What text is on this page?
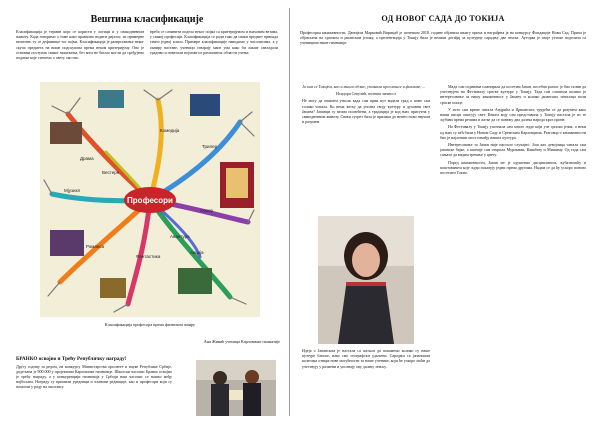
Вештина класификације

Класификација је термин који се користи у логици и у свакодневном животу. Када говоримо о томе како правилно водити дијалог, из примерне вештине, ту се дефинише тог појма. Класификација је разврставање неког скупа предмета на више подскупова према неком критеријуму. Ово је основни поступак сваког мишљења, без кога не бисмо могли да сређујемо податке које стичемо о свету око нас.

вреба се сачинити подела неког појма са критеријумом и њиховим везама, у свакој професији. Класификација се ради тако да сваки предмет припада тачно једној класи. Примере класификације наводимо у часописима, а у оквиру наставе, ученици стварају мапе ума како би лакше савладали градиво и повезали појмове из различитих области учења.

Професори
Драма
Комедија
Трилер
Хорор
Акција
Фантастика
Романса
Мјузикл
Вестерн
Авантура
Класификација професора према филмском жанру
Ана Живић ученица Карловачке гимназије
БРАНКО освојио и Трећу Републичку награду!

Другу годину за редом, на конкурсу Министарства просвете и науке Републике Србије, додељена је 900.000 у пројектима Карловачке гимназије. Школски часопис Бранко освојио је трећу награду, а у конкуренцији гимназија у Србији наш часопис се нашао међу најбољим. Награду су примили уредници и чланови редакције, као и професори који су помогли у раду на часопису.

ОД НОВОГ САДА ДО ТОКИЈА

Професорка књижевности, Данијела Марковић Вирицаб је почетком 2018. године објавила књигу прича и награђена је на конкурсу Фондације Нови Сад. Прича је објављена на српском и јапанском језику, а презентација у Токију била је велики догађај за културну сарадњу две земље. Ауторка је своје утиске поделила са ученицима наше гимназије.

Ја сам се Токијем, као и многи од вас, упознала кроз књиге и филмове, ...

Исидора Секулић, позната личност

Не могу да опишем утисак када сам први пут видела град о коме сам толико читала. Ко нема жељу да упозна своју културу и духовни свет Јапана? Јапанци су веома посвећени, а традиција је код њих присутна у свакодневном животу. Сваки сусрет била је прилика да нешто ново научим и разумем.

Идеја о Јапанском је настала са жељом да покажемо колико су наше културе блиске, иако смо географски удаљени. Сарадња са јапанским колегама отвара нове могућности за наше ученике, који ће ускоро моћи да учествују у размени и упознају ову далеку земљу.

Мада сам годинама планирала да посетим Јапан, посебан разлог је био позив да учествујем на Фестивалу српске културе у Токију. Тада сам схватила колико је интересовање за нашу књижевност у Јапану и колико јапанских читалаца воли српске писце.

У исто сам време читала Андрића и Црњанског, трудећи се да разумем како наши писци описују свет. Књига коју сам представила у Токију настала је из те љубави према речима и жеље да се повежу два далека народа кроз приче.

На Фестивалу у Токију упознала сам многе људе који уче српски језик, а неки од њих су већ били у Новом Саду и Сремским Карловцима. Разговор о књижевности био је најлепши мост између наших култура.

Интересовање за Јапан није настало случајно. Још као девојчица читала сам јапанске бајке, а касније сам открила Мураками, Кавабату и Мишиму. Од тада сам сањала да видим трешње у цвету.

Поред књижевности, Јапан ме је одушевио дисциплином, љубазношћу и поштовањем које људи показују једни према другима. Надам се да ћу ускоро поново посетити Токио.
